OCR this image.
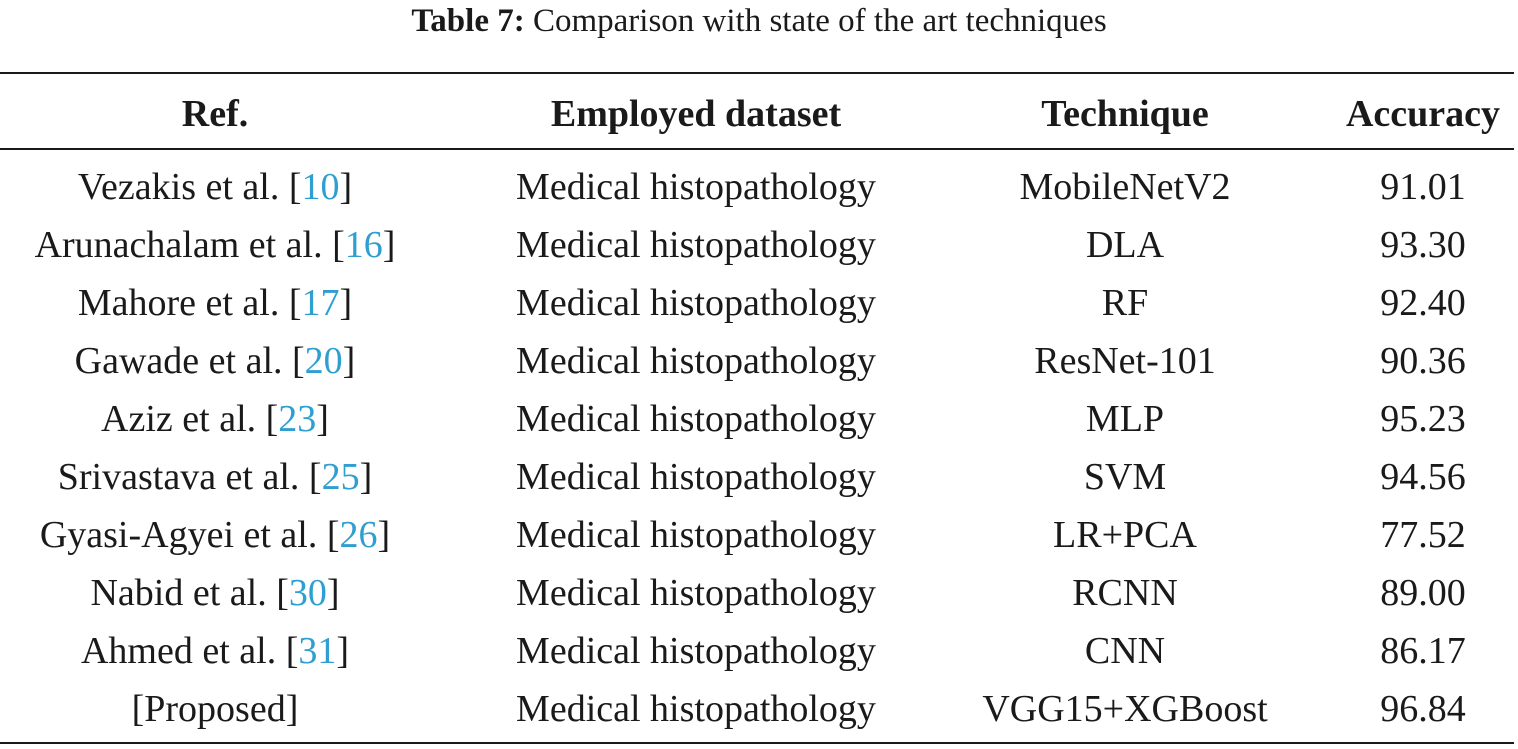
Table 7: Comparison with state of the art techniques
Ref.	Employed dataset	Technique	Accuracy
Vezakis et al. [10]	Medical histopathology	MobileNetV2	91.01
Arunachalam et al. [16]	Medical histopathology	DLA	93.30
Mahore et al. [17]	Medical histopathology	RF	92.40
Gawade et al. [20]	Medical histopathology	ResNet-101	90.36
Aziz et al. [23]	Medical histopathology	MLP	95.23
Srivastava et al. [25]	Medical histopathology	SVM	94.56
Gyasi-Agyei et al. [26]	Medical histopathology	LR+PCA	77.52
Nabid et al. [30]	Medical histopathology	RCNN	89.00
Ahmed et al. [31]	Medical histopathology	CNN	86.17
[Proposed]	Medical histopathology	VGG15+XGBoost	96.84
